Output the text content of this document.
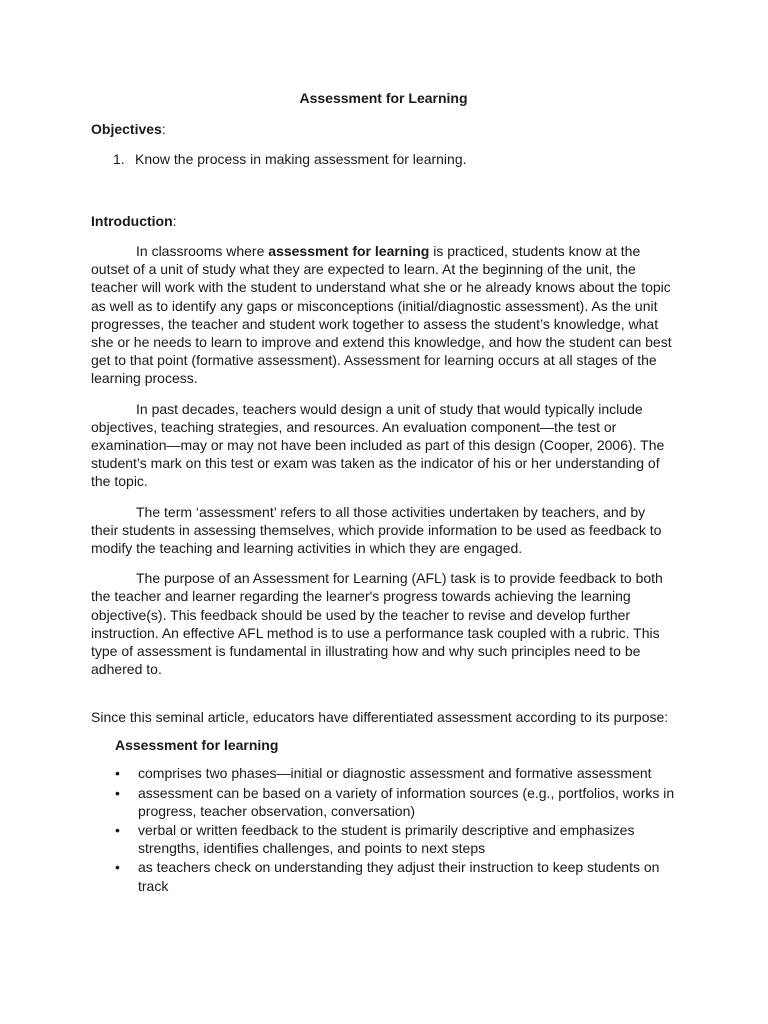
Assessment for Learning
Objectives:
1. Know the process in making assessment for learning.
Introduction:

In classrooms where assessment for learning is practiced, students know at the outset of a unit of study what they are expected to learn. At the beginning of the unit, the teacher will work with the student to understand what she or he already knows about the topic as well as to identify any gaps or misconceptions (initial/diagnostic assessment). As the unit progresses, the teacher and student work together to assess the student’s knowledge, what she or he needs to learn to improve and extend this knowledge, and how the student can best get to that point (formative assessment). Assessment for learning occurs at all stages of the learning process.

In past decades, teachers would design a unit of study that would typically include objectives, teaching strategies, and resources. An evaluation component—the test or examination—may or may not have been included as part of this design (Cooper, 2006). The student’s mark on this test or exam was taken as the indicator of his or her understanding of the topic.

The term ‘assessment’ refers to all those activities undertaken by teachers, and by their students in assessing themselves, which provide information to be used as feedback to modify the teaching and learning activities in which they are engaged.

The purpose of an Assessment for Learning (AFL) task is to provide feedback to both the teacher and learner regarding the learner's progress towards achieving the learning objective(s). This feedback should be used by the teacher to revise and develop further instruction. An effective AFL method is to use a performance task coupled with a rubric. This type of assessment is fundamental in illustrating how and why such principles need to be adhered to.

Since this seminal article, educators have differentiated assessment according to its purpose:
Assessment for learning
•	comprises two phases—initial or diagnostic assessment and formative assessment
•	assessment can be based on a variety of information sources (e.g., portfolios, works in progress, teacher observation, conversation)
•	verbal or written feedback to the student is primarily descriptive and emphasizes strengths, identifies challenges, and points to next steps
•	as teachers check on understanding they adjust their instruction to keep students on track
